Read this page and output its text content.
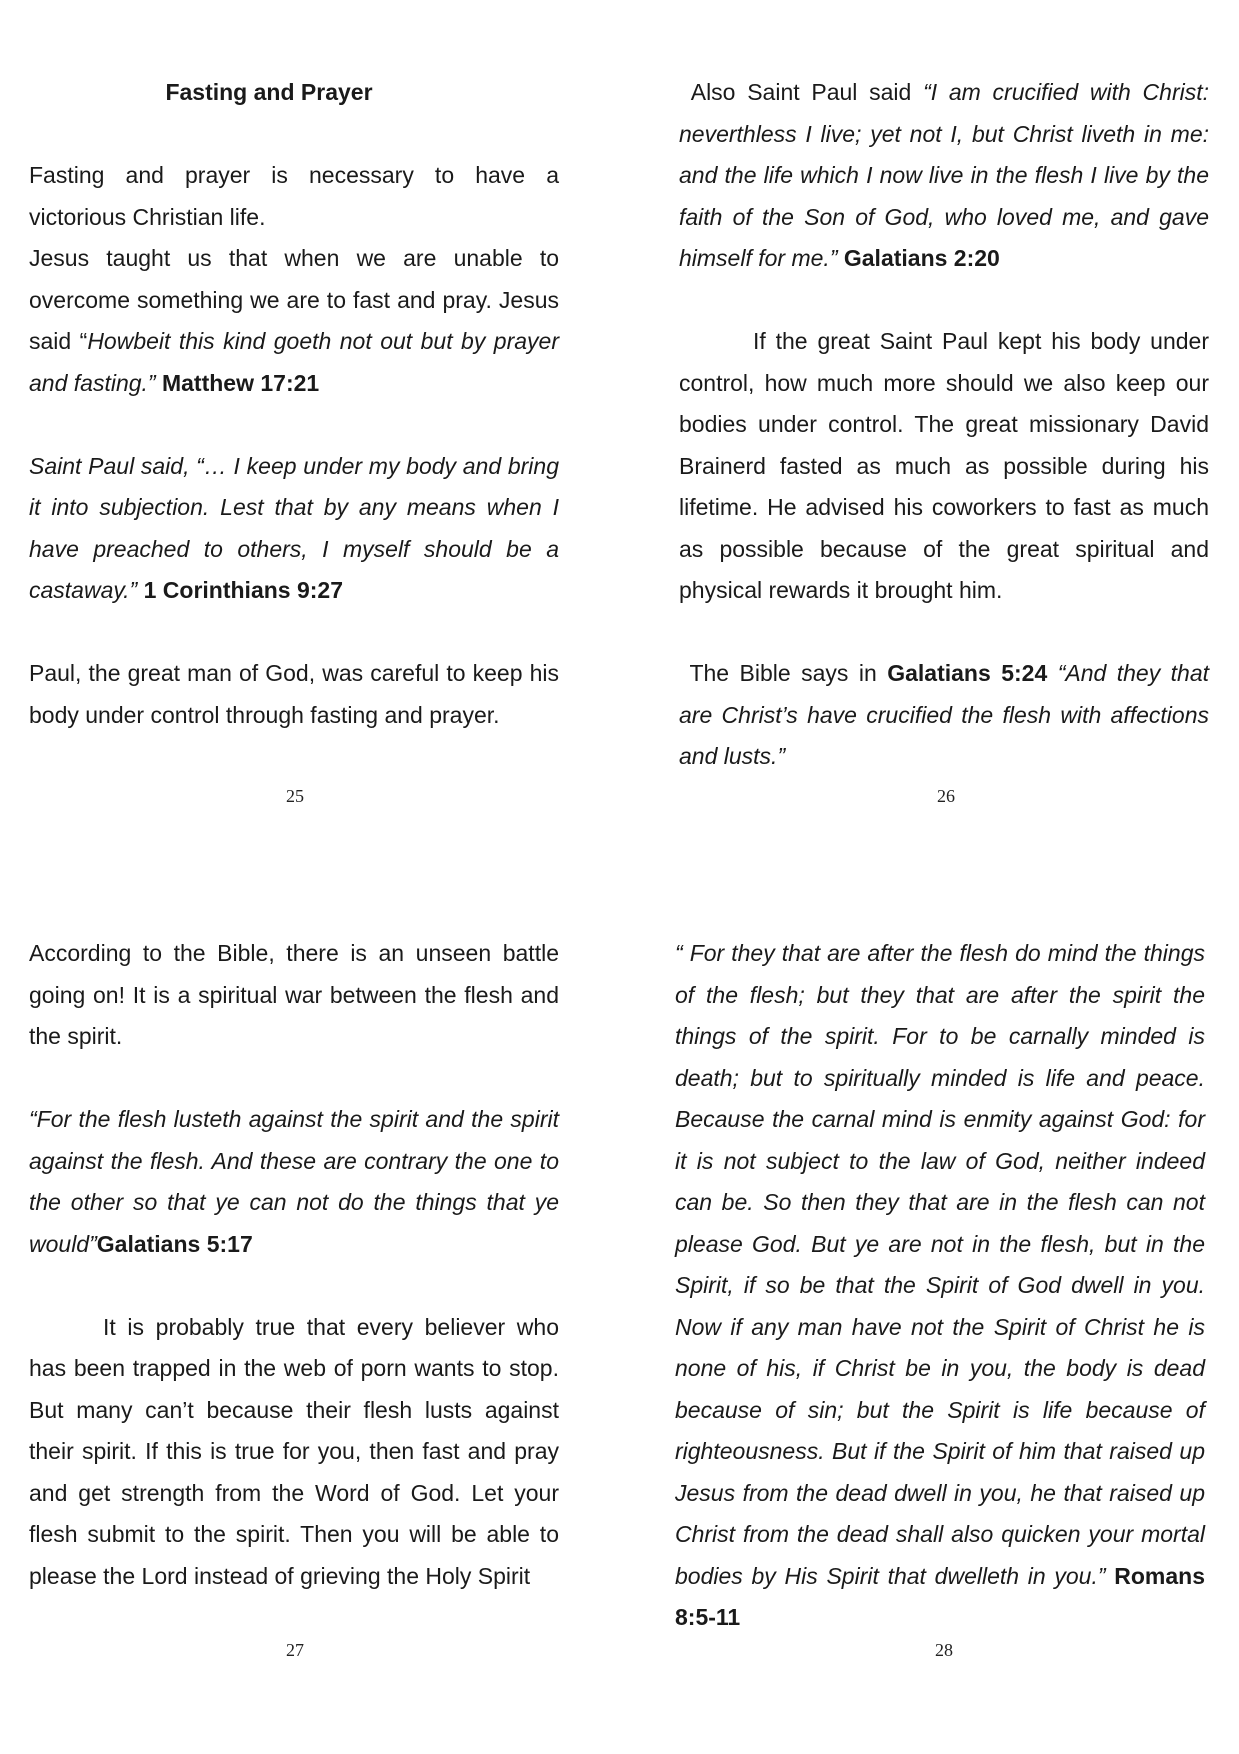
Fasting and Prayer

Fasting and prayer is necessary to have a victorious Christian life.

Jesus taught us that when we are unable to overcome something we are to fast and pray. Jesus said “Howbeit this kind goeth not out but by prayer and fasting.” Matthew 17:21

Saint Paul said, “… I keep under my body and bring it into subjection. Lest that by any means when I have preached to others, I myself should be a castaway.” 1 Corinthians 9:27

Paul, the great man of God, was careful to keep his body under control through fasting and prayer.

25

Also Saint Paul said “I am crucified with Christ: neverthless I live; yet not I, but Christ liveth in me: and the life which I now live in the flesh I live by the faith of the Son of God, who loved me, and gave himself for me.” Galatians 2:20

If the great Saint Paul kept his body under control, how much more should we also keep our bodies under control. The great missionary David Brainerd fasted as much as possible during his lifetime. He advised his coworkers to fast as much as possible because of the great spiritual and physical rewards it brought him.

The Bible says in Galatians 5:24 “And they that are Christ’s have crucified the flesh with affections and lusts.”

26

According to the Bible, there is an unseen battle going on! It is a spiritual war between the flesh and the spirit.

“For the flesh lusteth against the spirit and the spirit against the flesh. And these are contrary the one to the other so that ye can not do the things that ye would”Galatians 5:17

It is probably true that every believer who has been trapped in the web of porn wants to stop. But many can’t because their flesh lusts against their spirit. If this is true for you, then fast and pray and get strength from the Word of God. Let your flesh submit to the spirit. Then you will be able to please the Lord instead of grieving the Holy Spirit

27

“ For they that are after the flesh do mind the things of the flesh; but they that are after the spirit the things of the spirit. For to be carnally minded is death; but to spiritually minded is life and peace. Because the carnal mind is enmity against God: for it is not subject to the law of God, neither indeed can be. So then they that are in the flesh can not please God. But ye are not in the flesh, but in the Spirit, if so be that the Spirit of God dwell in you. Now if any man have not the Spirit of Christ he is none of his, if Christ be in you, the body is dead because of sin; but the Spirit is life because of righteousness. But if the Spirit of him that raised up Jesus from the dead dwell in you, he that raised up Christ from the dead shall also quicken your mortal bodies by His Spirit that dwelleth in you.” Romans 8:5-11

28
